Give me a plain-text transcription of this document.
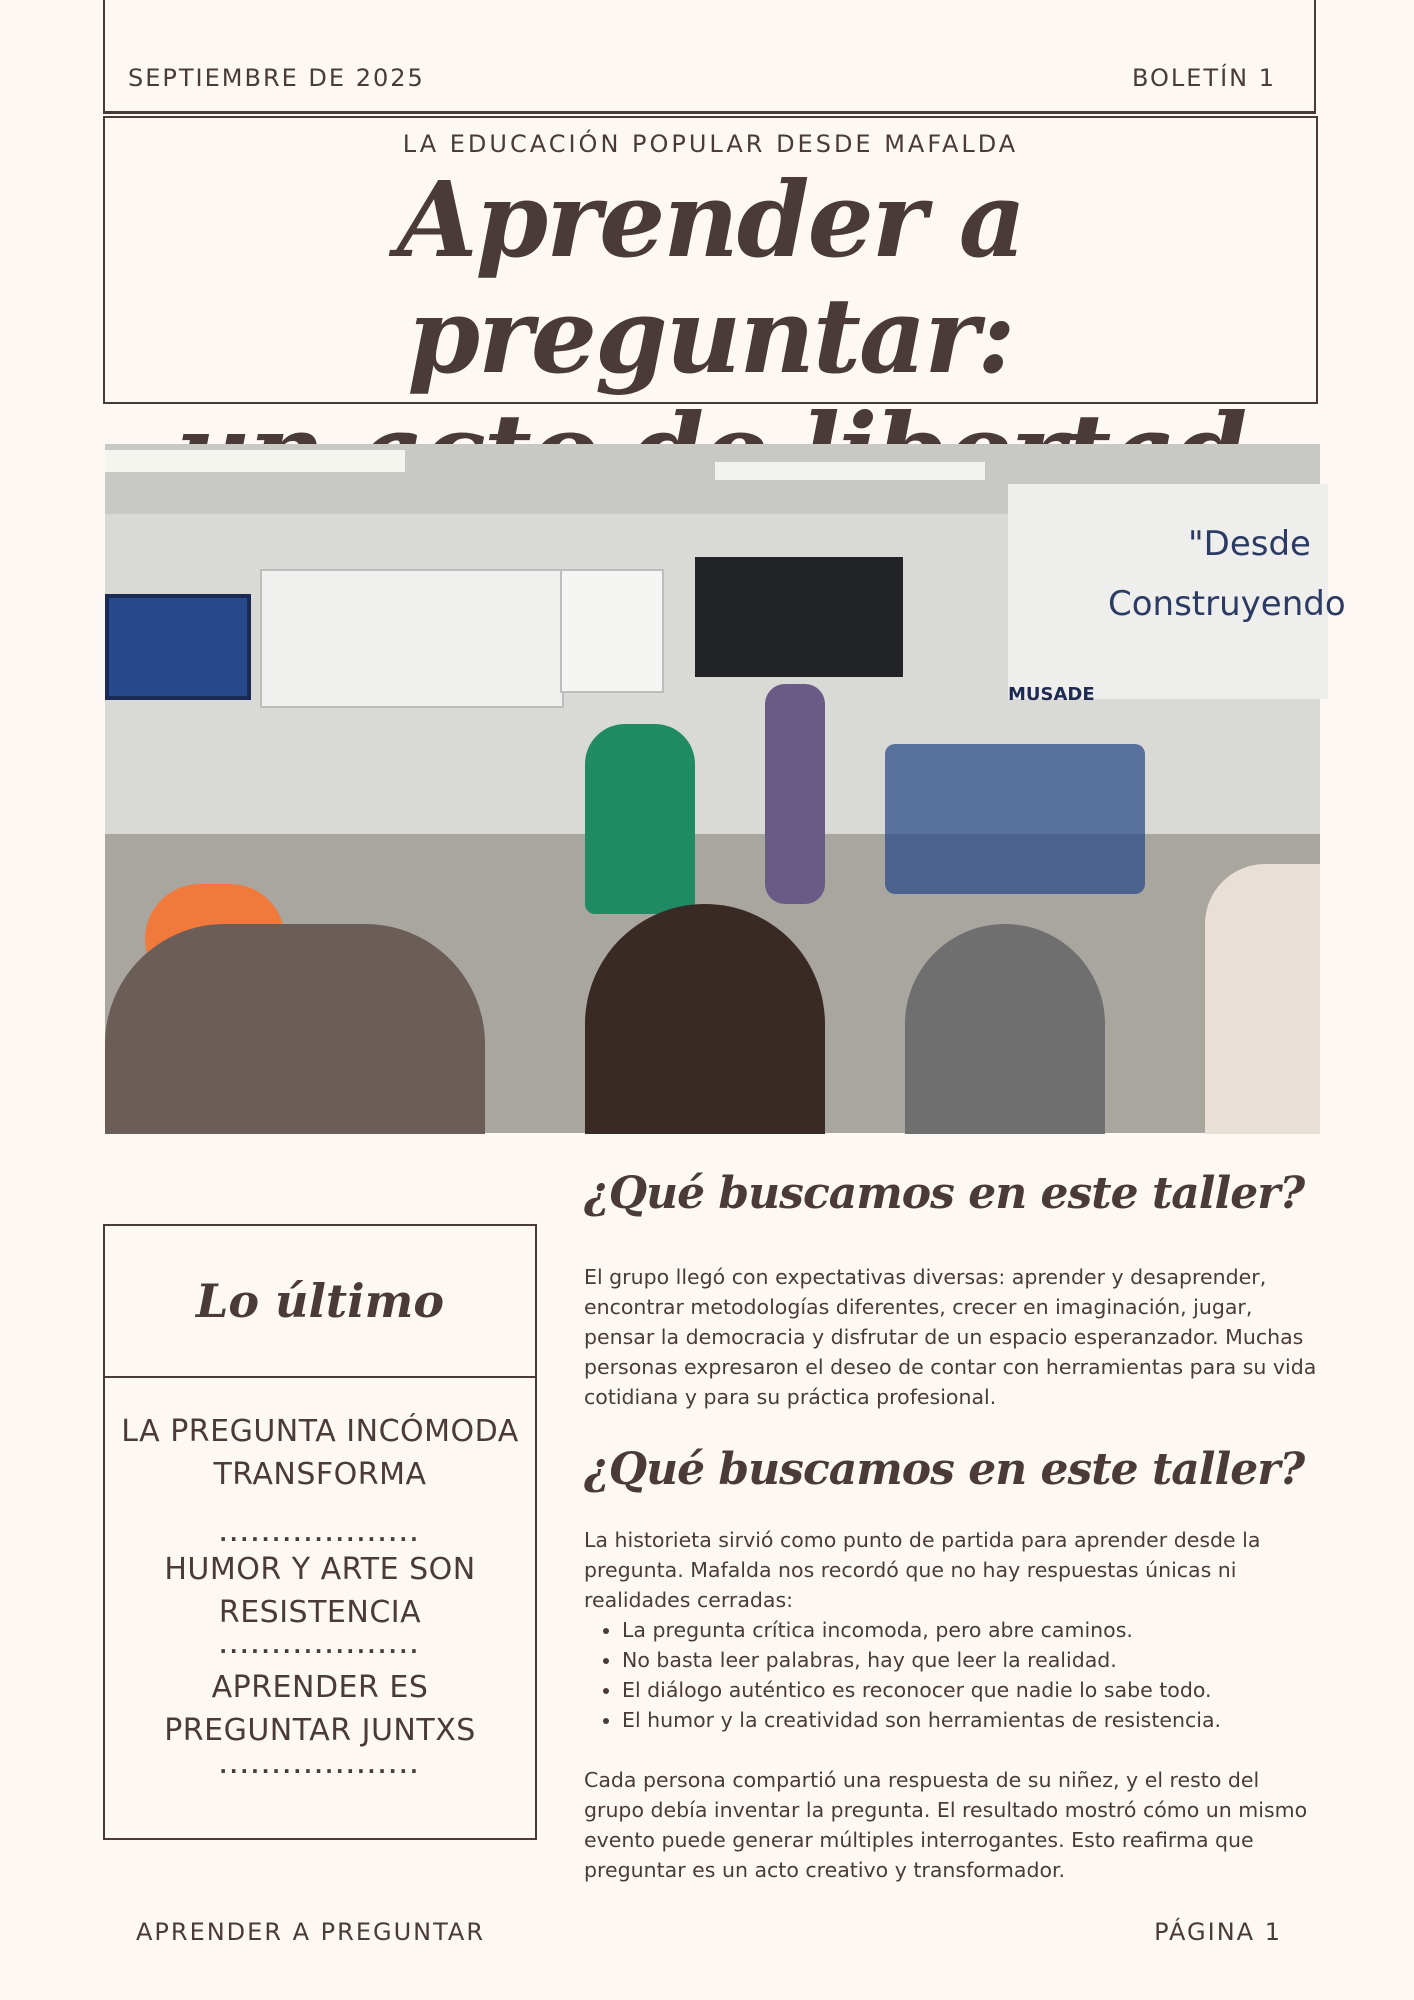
SEPTIEMBRE DE 2025	BOLETÍN 1
LA EDUCACIÓN POPULAR DESDE MAFALDA
Aprender a preguntar:
"Desde
Construyendo
MUSADE
Lo último
LA PREGUNTA INCÓMODA
TRANSFORMA
...................
HUMOR Y ARTE SON
RESISTENCIA
...................
APRENDER ES
PREGUNTAR JUNTXS
...................
¿Qué buscamos en este taller?

El grupo llegó con expectativas diversas: aprender y desaprender, encontrar metodologías diferentes, crecer en imaginación, jugar, pensar la democracia y disfrutar de un espacio esperanzador. Muchas personas expresaron el deseo de contar con herramientas para su vida cotidiana y para su práctica profesional.

¿Qué buscamos en este taller?

La historieta sirvió como punto de partida para aprender desde la pregunta. Mafalda nos recordó que no hay respuestas únicas ni realidades cerradas:

• La pregunta crítica incomoda, pero abre caminos.
• No basta leer palabras, hay que leer la realidad.
• El diálogo auténtico es reconocer que nadie lo sabe todo.
• El humor y la creatividad son herramientas de resistencia.

Cada persona compartió una respuesta de su niñez, y el resto del grupo debía inventar la pregunta. El resultado mostró cómo un mismo evento puede generar múltiples interrogantes. Esto reafirma que preguntar es un acto creativo y transformador.

APRENDER A PREGUNTAR	PÁGINA 1
